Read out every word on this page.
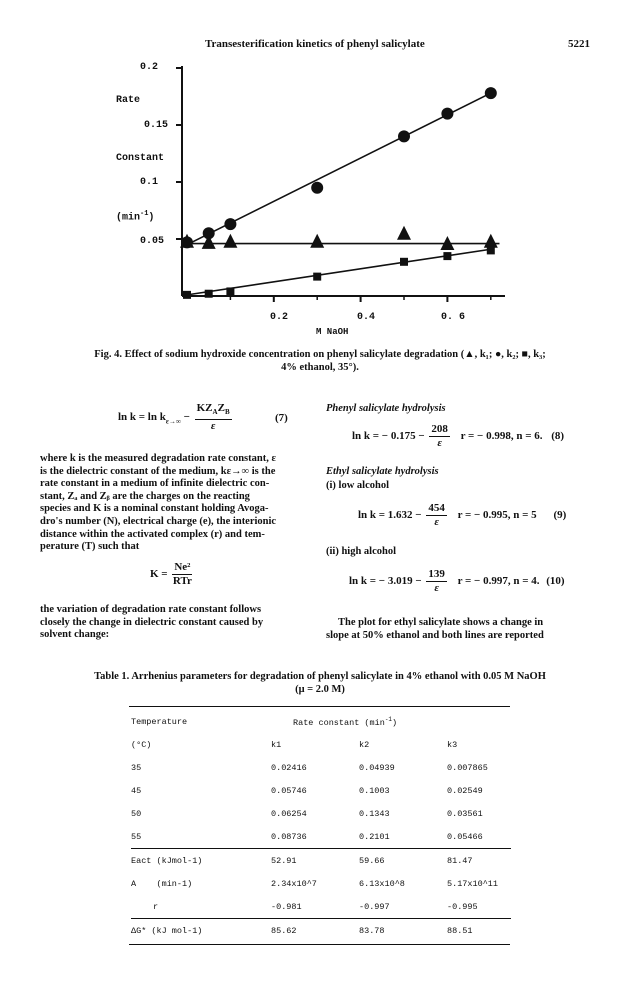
Transesterification kinetics of phenyl salicylate	5221
0.2
0.15
0.1
0.05
Rate
Constant
$(\min^{-1})$
0.2	0.4	0. 6
M NaOH
Fig. 4. Effect of sodium hydroxide concentration on phenyl salicylate degradation (▲, k₁; ●, k₂; ■, k₃;
4% ethanol, 35°).
$\ln k = \ln k_{\varepsilon\to\infty} - \frac{KZ_AZ_B}{\varepsilon}$	(7)
where k is the measured degradation rate constant, ε
is the dielectric constant of the medium, kε→∞ is the
rate constant in a medium of infinite dielectric con-
stant, Zₐ and Zᵦ are the charges on the reacting
species and K is a nominal constant holding Avoga-
dro's number (N), electrical charge (e), the interionic
distance within the activated complex (r) and tem-
perature (T) such that
$K = \frac{\text{Ne²}}{\text{RTr}}$
the variation of degradation rate constant follows
closely the change in dielectric constant caused by
solvent change:
Phenyl salicylate hydrolysis
ln k = − $0.175 - \frac{208}{\varepsilon}$ r = − 0.998, n = 6. (8)
Ethyl salicylate hydrolysis
(i) low alcohol
$\ln k = 1.632 - \frac{454}{\varepsilon}$ r = − 0.995, n = 5 (9)
(ii) high alcohol
ln k = − $3.019 - \frac{139}{\varepsilon}$ r = − 0.997, n = 4. (10)
The plot for ethyl salicylate shows a change in
slope at 50% ethanol and both lines are reported
Table 1. Arrhenius parameters for degradation of phenyl salicylate in 4% ethanol with 0.05 M NaOH
(μ = 2.0 M)
Temperature	Rate constant $(\min^{-1})$		
(°C)	k1	k2	k3
35	0.02416	0.04939	0.007865
45	0.05746	0.1003	0.02549
50	0.06254	0.1343	0.03561
55	0.08736	0.2101	0.05466
Eact (kJmol-1)	52.91	59.66	81.47
A    (min-1)	2.34x10^7	6.13x10^8	5.17x10^11
r	-0.981	-0.997	-0.995
ΔG* (kJ mol-1)	85.62	83.78	88.51
